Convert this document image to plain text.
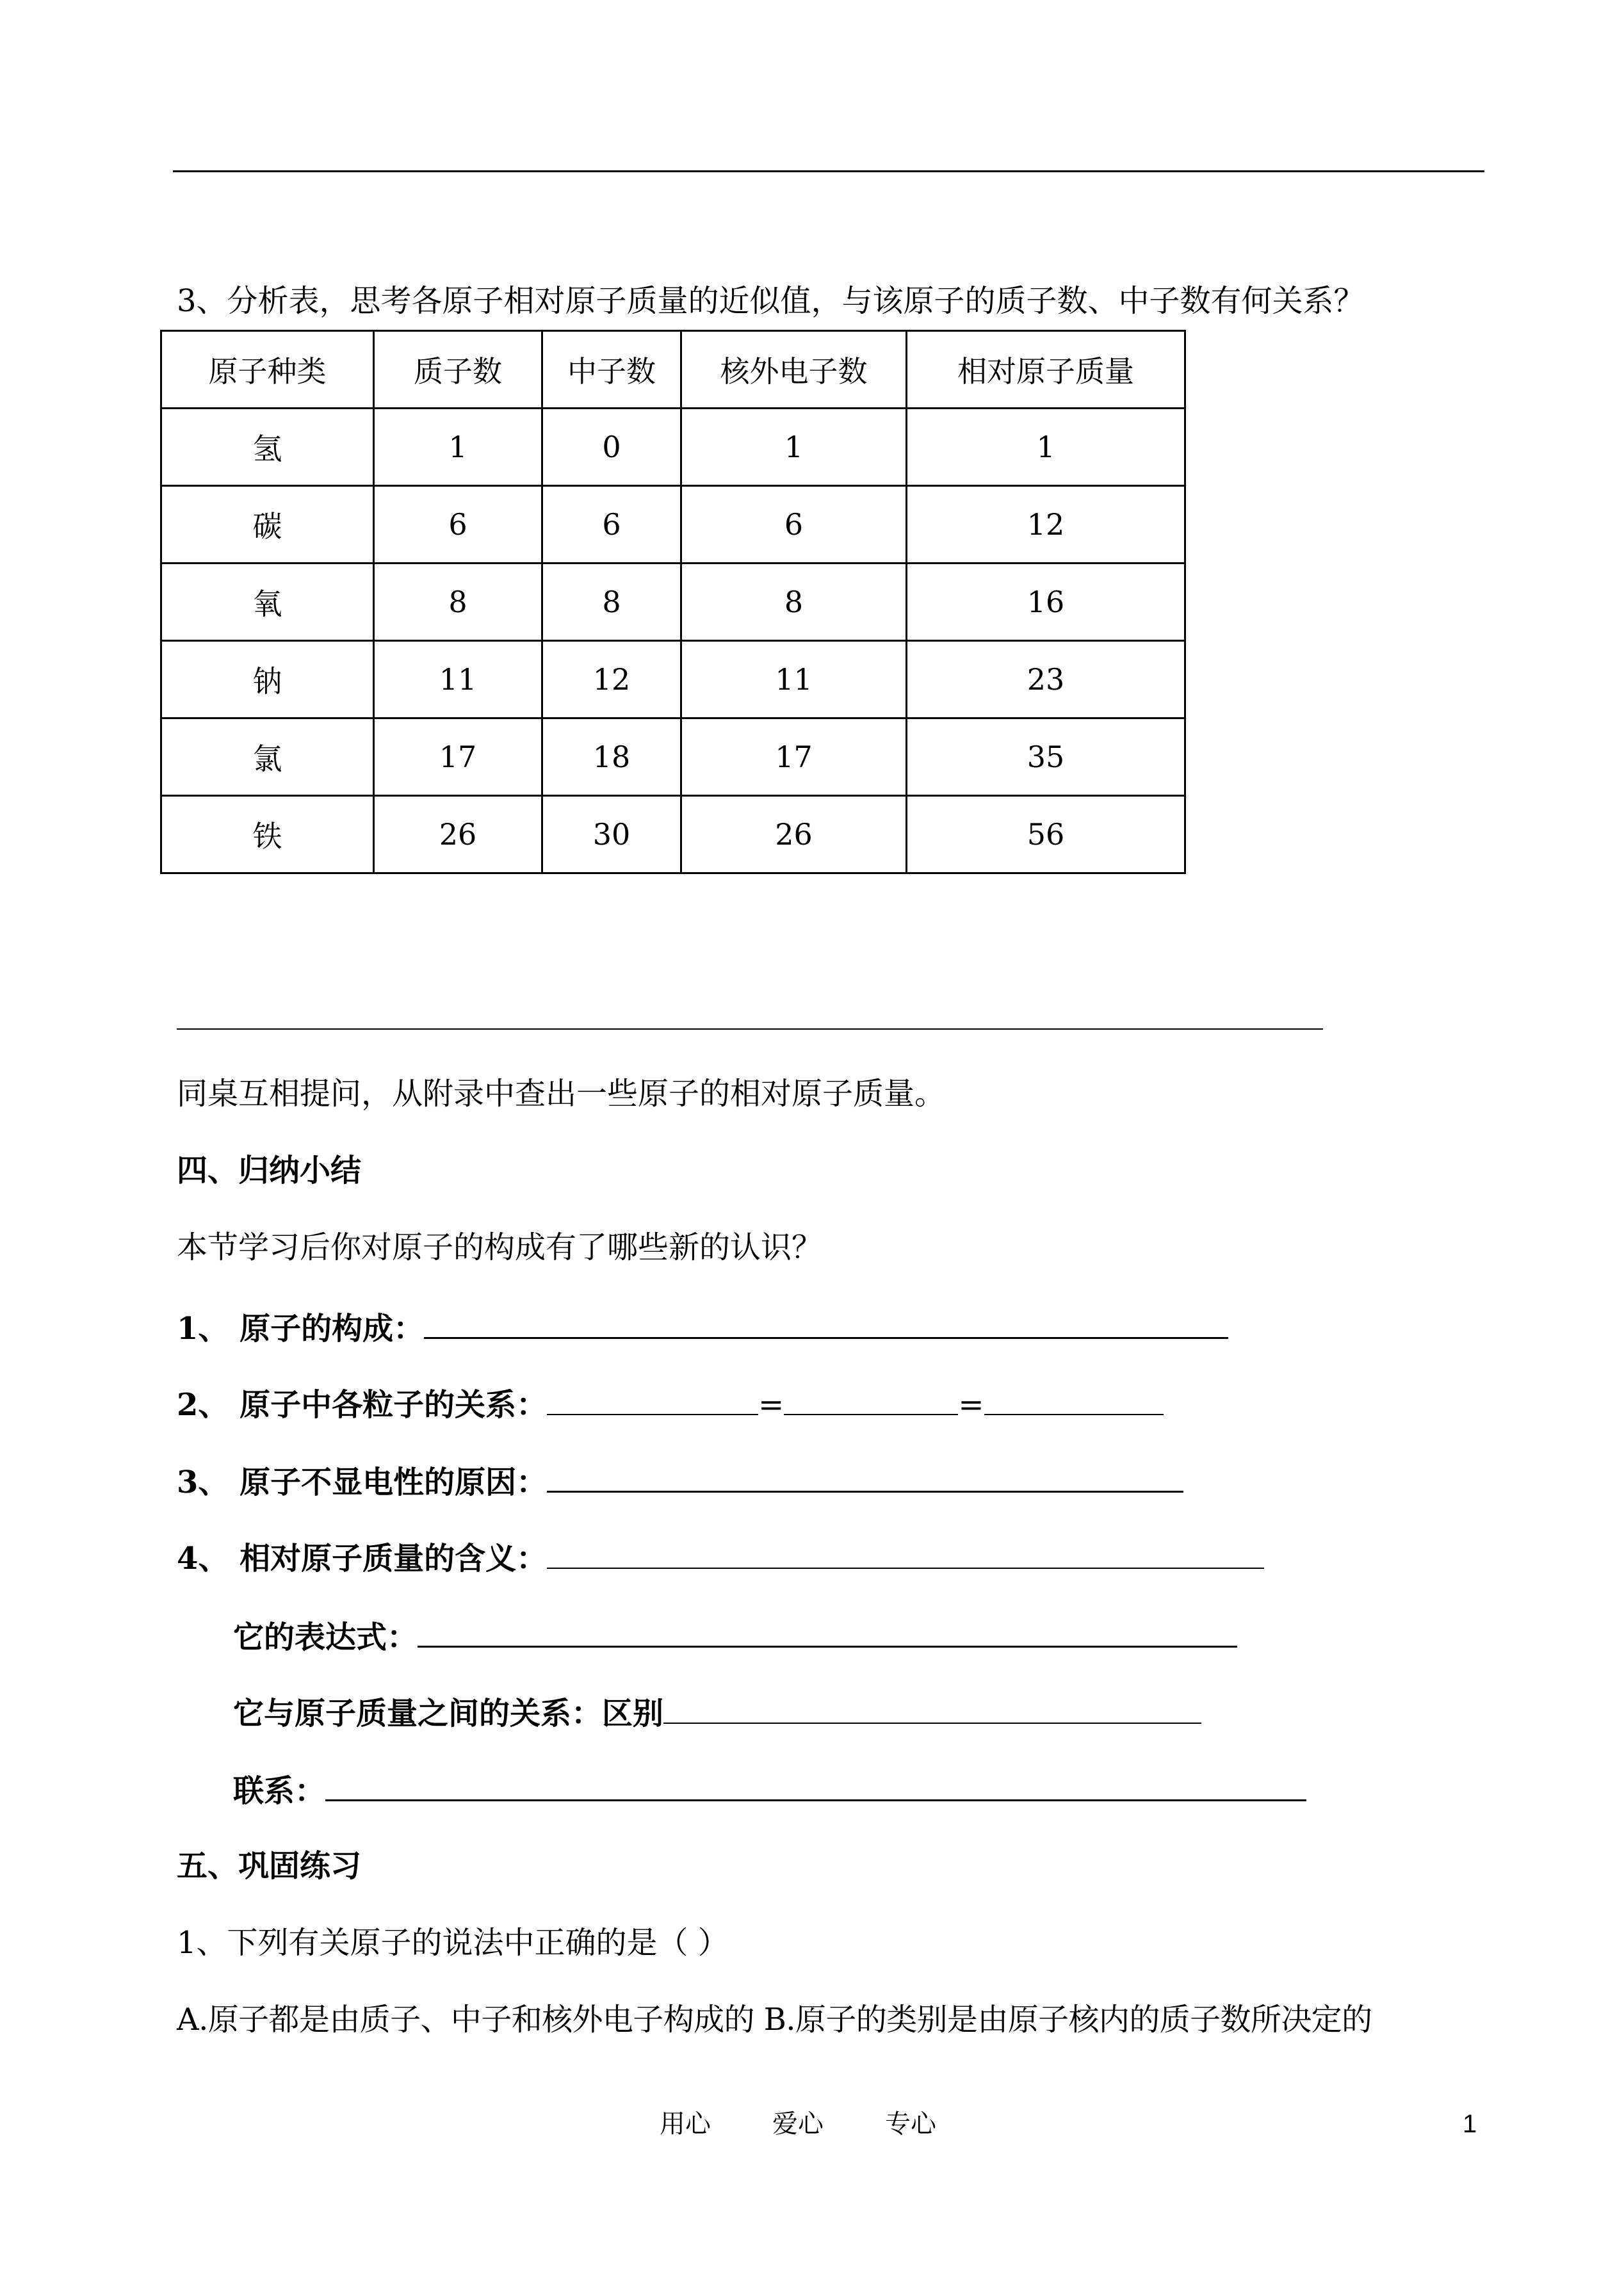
3、分析表，思考各原子相对原子质量的近似值，与该原子的质子数、中子数有何关系？
原子种类	质子数	中子数	核外电子数	相对原子质量
氢	1	0	1	1
碳	6	6	6	12
氧	8	8	8	16
钠	11	12	11	23
氯	17	18	17	35
铁	26	30	26	56
同桌互相提问，从附录中查出一些原子的相对原子质量。
四、归纳小结
本节学习后你对原子的构成有了哪些新的认识？
1、 原子的构成：
2、 原子中各粒子的关系：	=	=
3、 原子不显电性的原因：
4、 相对原子质量的含义：
它的表达式：
它与原子质量之间的关系：区别
联系：
五、巩固练习
1、下列有关原子的说法中正确的是（ ）
A.原子都是由质子、中子和核外电子构成的 B.原子的类别是由原子核内的质子数所决定的
用心 爱心 专心	1
